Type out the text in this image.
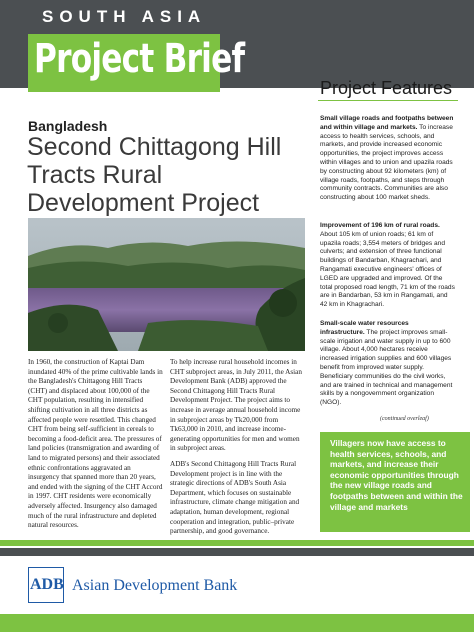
SOUTH ASIA
Project Brief
Bangladesh
Second Chittagong Hill Tracts Rural Development Project

In 1960, the construction of Kaptai Dam inundated 40% of the prime cultivable lands in the Bangladesh's Chittagong Hill Tracts (CHT) and displaced about 100,000 of the CHT population, resulting in intensified shifting cultivation in all three districts as affected people were resettled. This changed CHT from being self-sufficient in cereals to becoming a food-deficit area. The pressures of land policies (transmigration and awarding of land to migrated persons) and their associated ethnic confrontations aggravated an insurgency that spanned more than 20 years, and ended with the signing of the CHT Accord in 1997. CHT residents were economically adversely affected. Insurgency also damaged much of the rural infrastructure and depleted natural resources.

To help increase rural household incomes in CHT subproject areas, in July 2011, the Asian Development Bank (ADB) approved the Second Chittagong Hill Tracts Rural Development Project. The project aims to increase in average annual household income in subproject areas by Tk20,000 from Tk63,000 in 2010, and increase income-generating opportunities for men and women in subproject areas.

ADB's Second Chittagong Hill Tracts Rural Development project is in line with the strategic directions of ADB's South Asia Department, which focuses on sustainable infrastructure, climate change mitigation and adaptation, human development, regional cooperation and integration, public–private partnership, and good governance.

Project Features
Small village roads and footpaths between and within village and markets. To increase access to health services, schools, and markets, and provide increased economic opportunities, the project improves access within villages and to union and upazila roads by constructing about 92 kilometers (km) of village roads, footpaths, and steps through community contracts. Communities are also constructing about 100 market sheds.
Improvement of 196 km of rural roads. About 105 km of union roads; 61 km of upazila roads; 3,554 meters of bridges and culverts; and extension of three functional buildings of Bandarban, Khagrachari, and Rangamati executive engineers' offices of LGED are upgraded and improved. Of the total proposed road length, 71 km of the roads are in Bandarban, 53 km in Rangamati, and 42 km in Khagrachari.
Small-scale water resources infrastructure. The project improves small-scale irrigation and water supply in up to 600 village. About 4,000 hectares receive increased irrigation supplies and 600 villages benefit from improved water supply. Beneficiary communities do the civil works, and are trained in technical and management skills by a nongovernment organization (NGO).
(continued overleaf)
Villagers now have access to health services, schools, and markets, and increase their economic opportunities through the new village roads and footpaths between and within the village and markets
ADB Asian Development Bank
